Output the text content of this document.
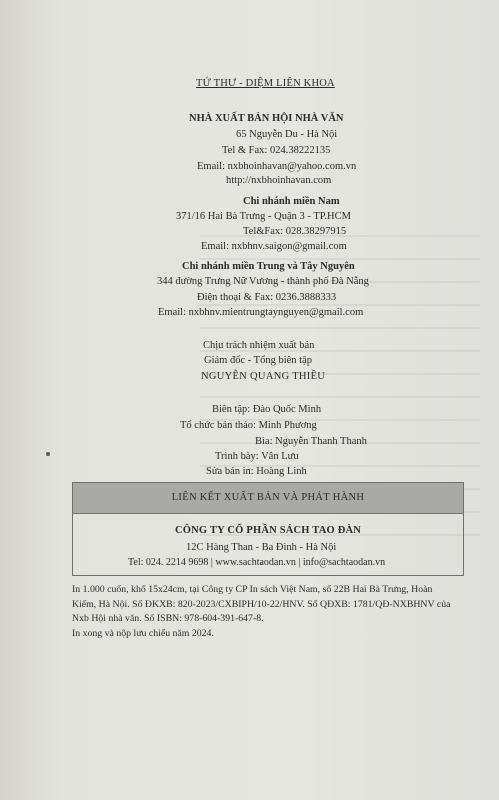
TỨ THƯ - DIỆM LIÊN KHOA
NHÀ XUẤT BẢN HỘI NHÀ VĂN
65 Nguyễn Du - Hà Nội
Tel & Fax: 024.38222135
Email: nxbhoinhavan@yahoo.com.vn
http://nxbhoinhavan.com
Chi nhánh miền Nam
371/16 Hai Bà Trưng - Quận 3 - TP.HCM
Tel&Fax: 028.38297915
Email: nxbhnv.saigon@gmail.com
Chi nhánh miền Trung và Tây Nguyên
344 đường Trưng Nữ Vương - thành phố Đà Nẵng
Điện thoại & Fax: 0236.3888333
Email: nxbhnv.mientrungtaynguyen@gmail.com
Chịu trách nhiệm xuất bản
Giám đốc - Tổng biên tập
NGUYỄN QUANG THIỀU
Biên tập: Đào Quốc Minh
Tổ chức bản thảo: Minh Phương
Bìa: Nguyễn Thanh Thanh
Trình bày: Vân Lưu
Sửa bản in: Hoàng Linh
LIÊN KẾT XUẤT BẢN VÀ PHÁT HÀNH
CÔNG TY CỔ PHẦN SÁCH TAO ĐÀN
12C Hàng Than - Ba Đình - Hà Nội
Tel: 024. 2214 9698 | www.sachtaodan.vn | info@sachtaodan.vn
In 1.000 cuốn, khổ 15x24cm, tại Công ty CP In sách Việt Nam, số 22B Hai Bà Trưng, Hoàn
Kiếm, Hà Nội. Số ĐKXB: 820-2023/CXBIPH/10-22/HNV. Số QĐXB: 1781/QĐ-NXBHNV của
Nxb Hội nhà văn. Số ISBN: 978-604-391-647-8.
In xong và nộp lưu chiểu năm 2024.
